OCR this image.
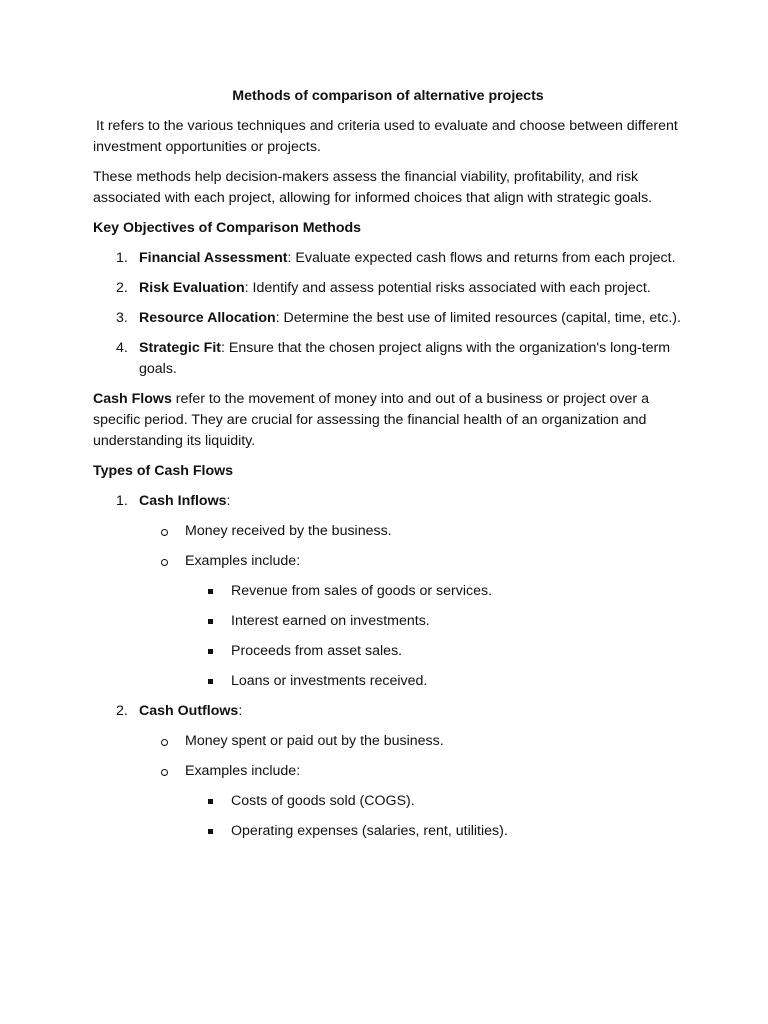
Methods of comparison of alternative projects

It refers to the various techniques and criteria used to evaluate and choose between different investment opportunities or projects.

These methods help decision-makers assess the financial viability, profitability, and risk associated with each project, allowing for informed choices that align with strategic goals.

Key Objectives of Comparison Methods
1. Financial Assessment: Evaluate expected cash flows and returns from each project.
2. Risk Evaluation: Identify and assess potential risks associated with each project.
3. Resource Allocation: Determine the best use of limited resources (capital, time, etc.).
4. Strategic Fit: Ensure that the chosen project aligns with the organization's long-term goals.

Cash Flows refer to the movement of money into and out of a business or project over a specific period. They are crucial for assessing the financial health of an organization and understanding its liquidity.

Types of Cash Flows
1. Cash Inflows:
Money received by the business.
Examples include:
Revenue from sales of goods or services.
Interest earned on investments.
Proceeds from asset sales.
Loans or investments received.
2. Cash Outflows:
Money spent or paid out by the business.
Examples include:
Costs of goods sold (COGS).
Operating expenses (salaries, rent, utilities).
